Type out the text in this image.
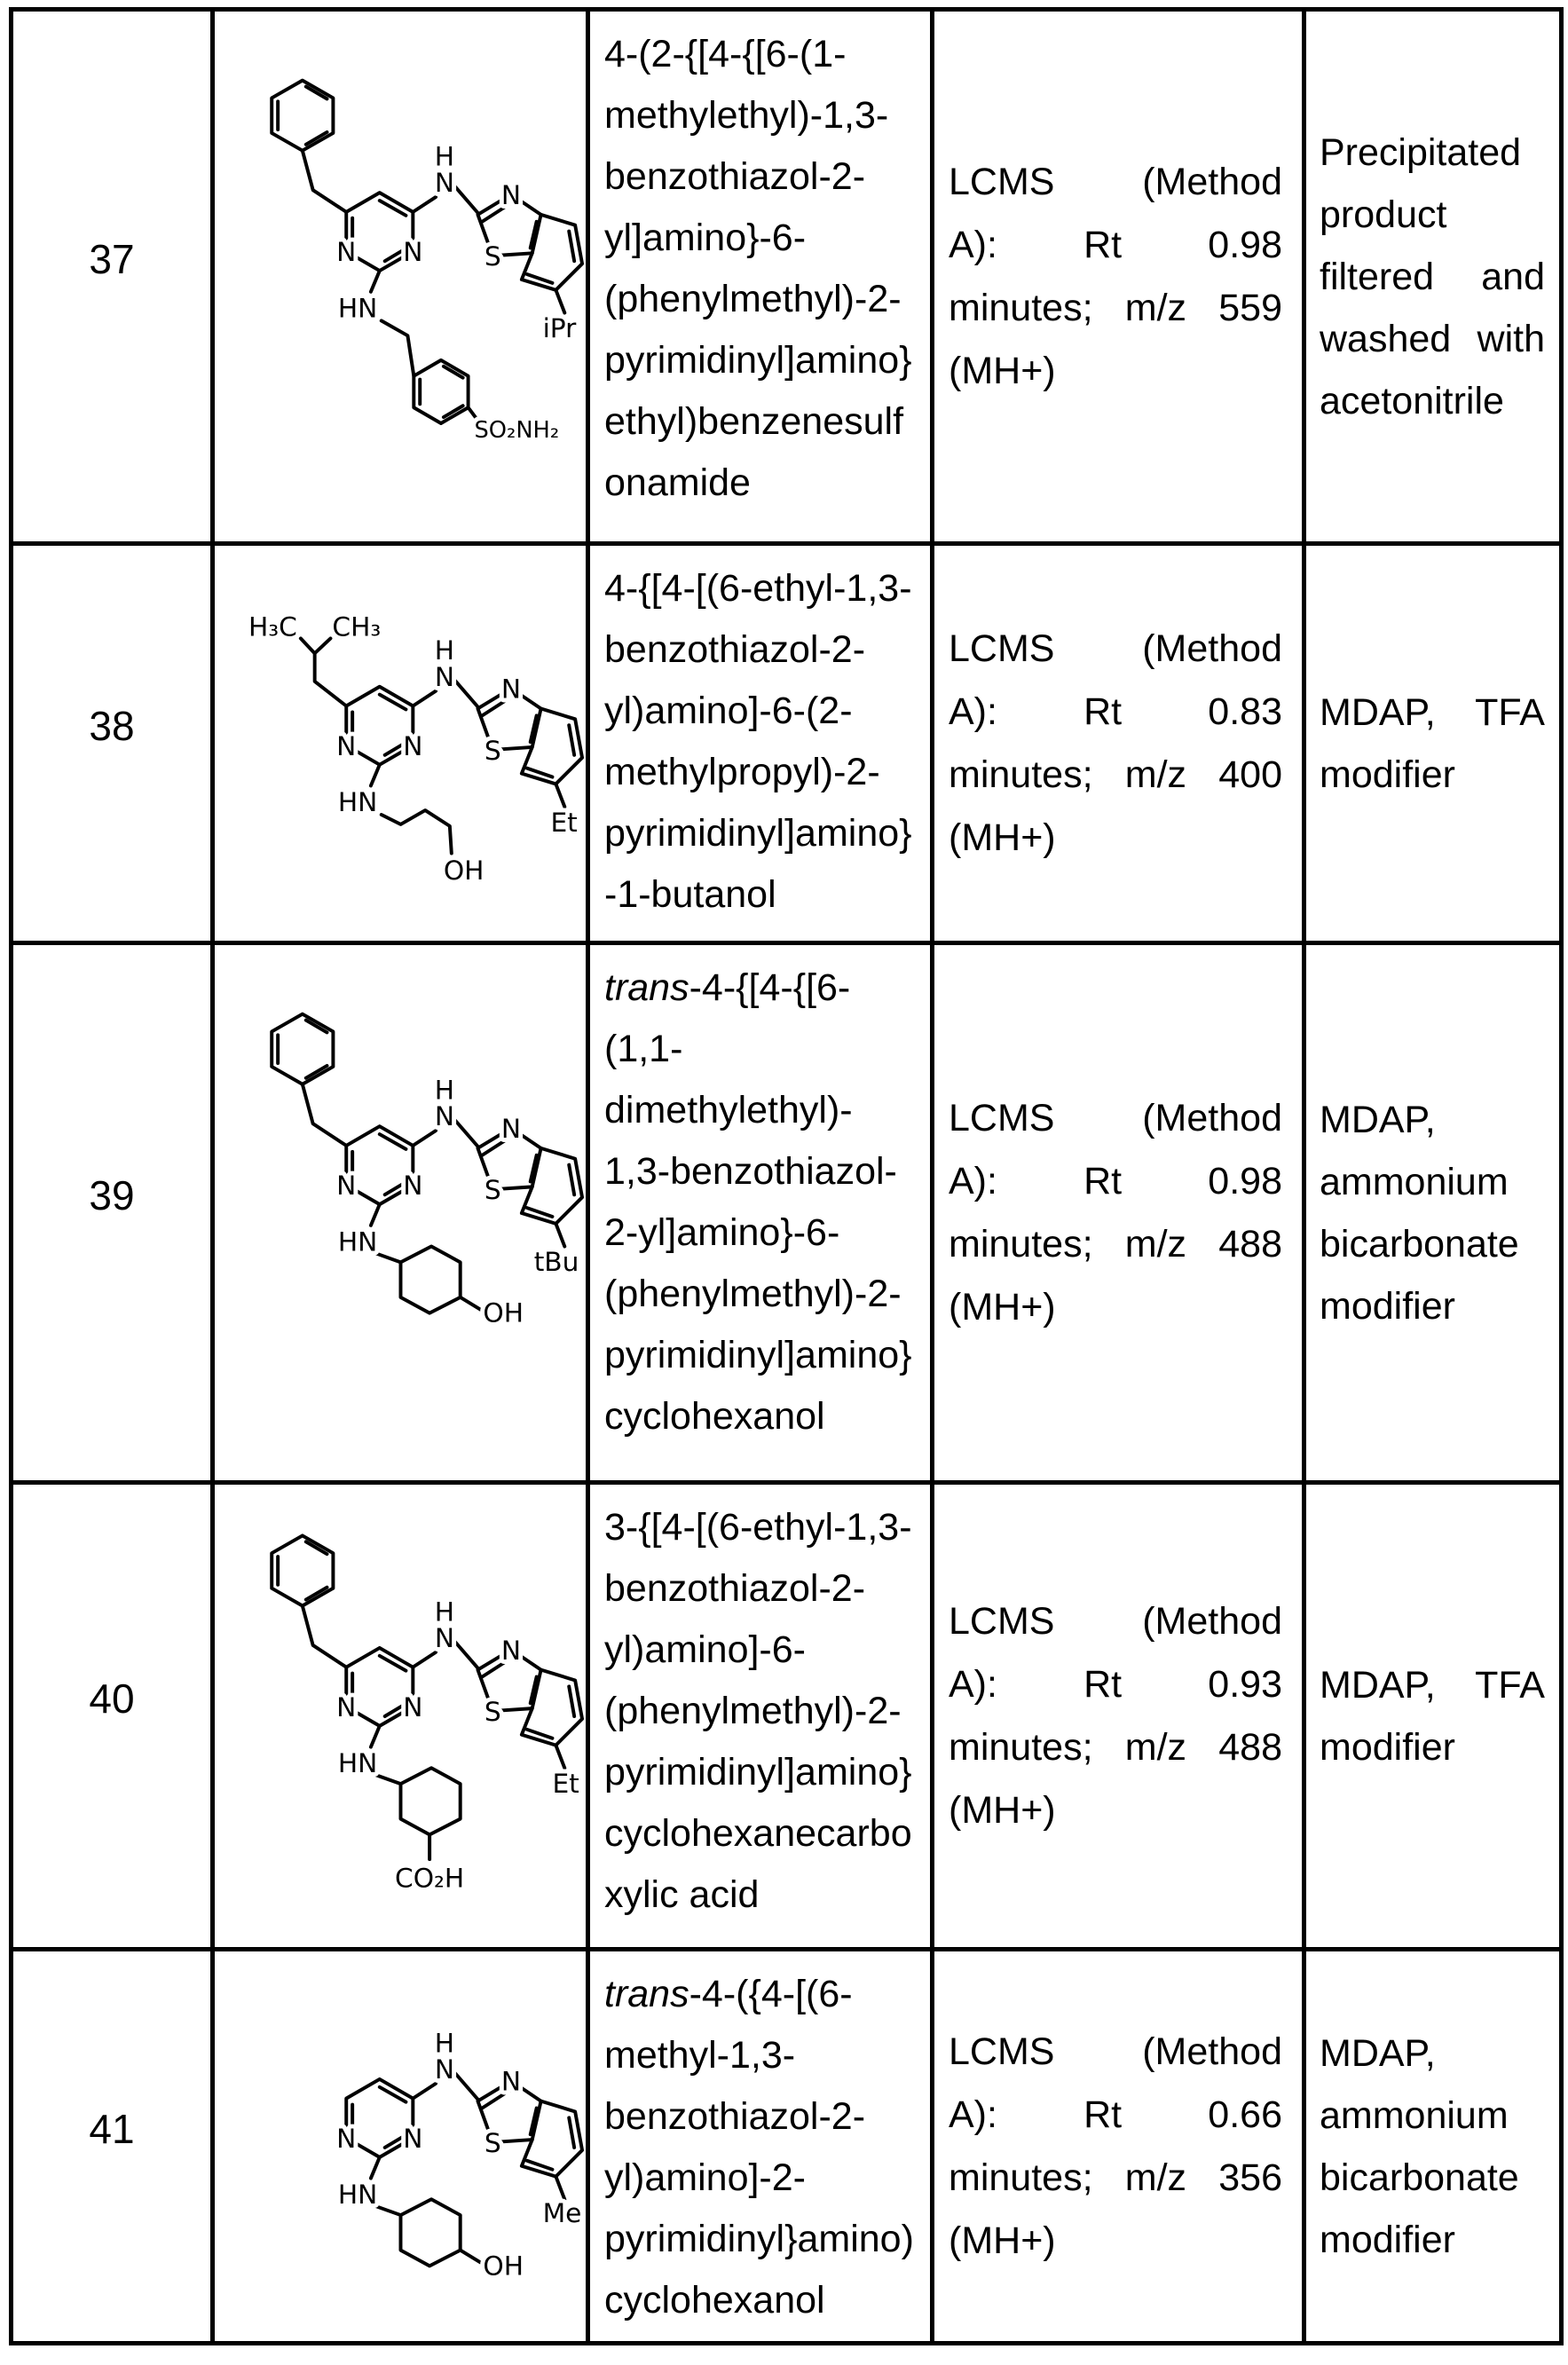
37
H
N
N N
N
S
HN
iPr
SO₂NH₂
4-(2-{[4-{[6-(1-
methylethyl)-1,3-
benzothiazol-2-
yl]amino}-6-
(phenylmethyl)-2-
pyrimidinyl]amino}
ethyl)benzenesulf
onamide
LCMS (Method
A): Rt 0.98
minutes; m/z 559
(MH+)
Precipitated
product
filtered and
washed with
acetonitrile
38
H₃C CH₃
H
N
N N
N
S
HN
Et
OH
4-{[4-[(6-ethyl-1,3-
benzothiazol-2-
yl)amino]-6-(2-
methylpropyl)-2-
pyrimidinyl]amino}
-1-butanol
LCMS (Method
A): Rt 0.83
minutes; m/z 400
(MH+)
MDAP, TFA
modifier
39
H
N
N N
N
S
HN
tBu
OH
trans-4-{[4-{[6-
(1,1-
dimethylethyl)-
1,3-benzothiazol-
2-yl]amino}-6-
(phenylmethyl)-2-
pyrimidinyl]amino}
cyclohexanol
LCMS (Method
A): Rt 0.98
minutes; m/z 488
(MH+)
MDAP,
ammonium
bicarbonate
modifier
40
H
N
N N
N
S
HN
Et
CO₂H
3-{[4-[(6-ethyl-1,3-
benzothiazol-2-
yl)amino]-6-
(phenylmethyl)-2-
pyrimidinyl]amino}
cyclohexanecarbo
xylic acid
LCMS (Method
A): Rt 0.93
minutes; m/z 488
(MH+)
MDAP, TFA
modifier
41
H
N
N N
N
S
HN
Me
OH
trans-4-({4-[(6-
methyl-1,3-
benzothiazol-2-
yl)amino]-2-
pyrimidinyl}amino)
cyclohexanol
LCMS (Method
A): Rt 0.66
minutes; m/z 356
(MH+)
MDAP,
ammonium
bicarbonate
modifier
